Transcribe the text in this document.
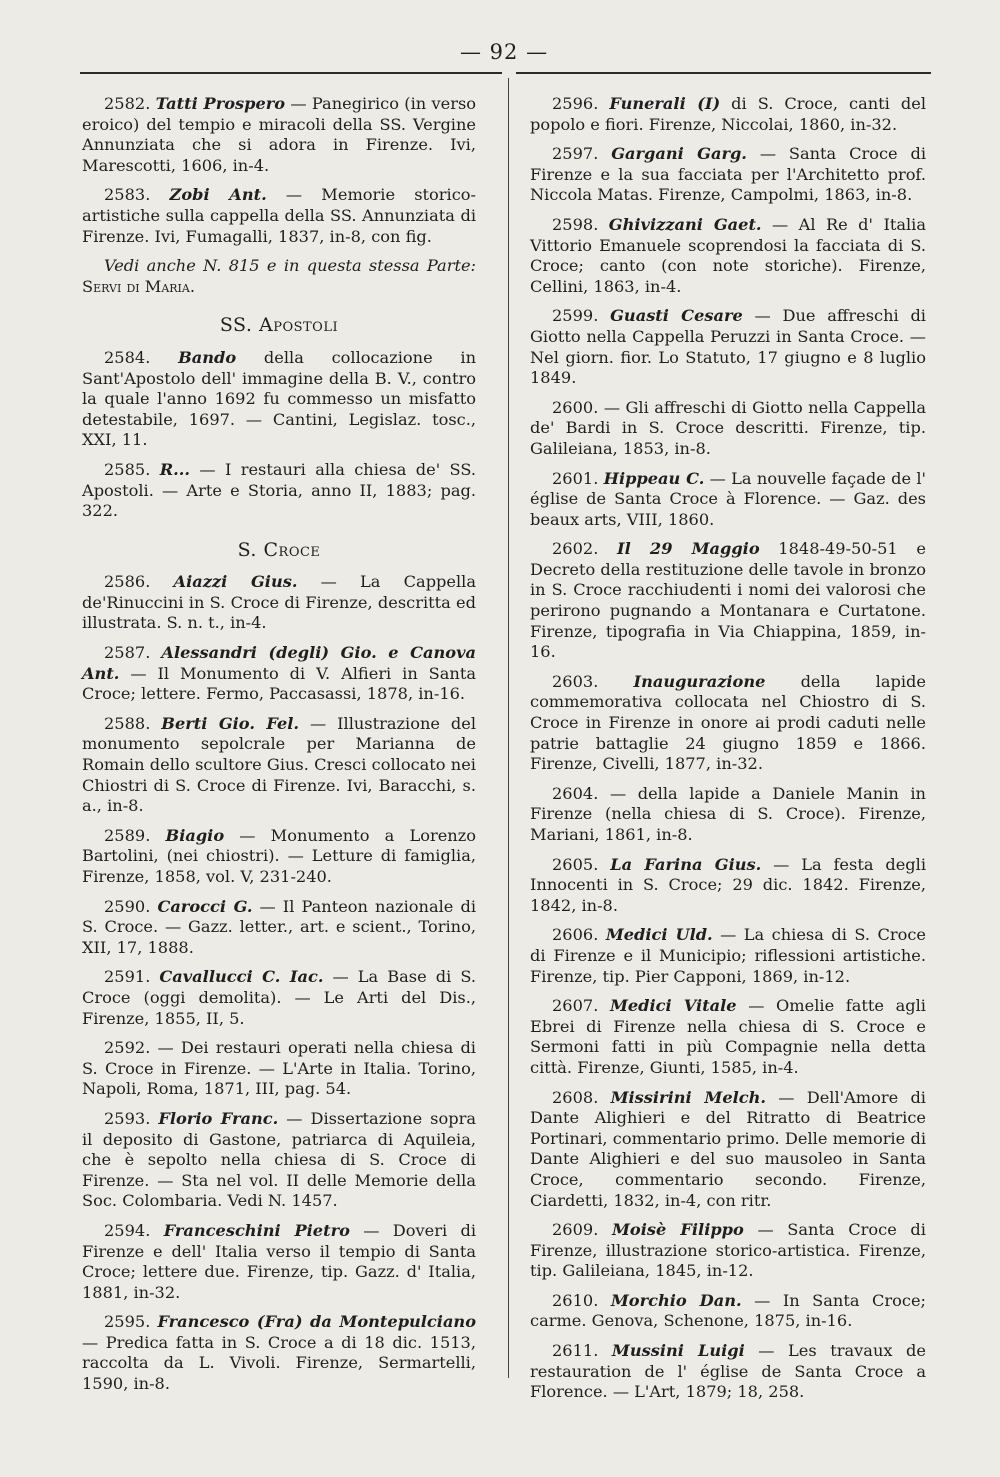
— 92 —

2582. Tatti Prospero — Panegirico (in verso eroico) del tempio e miracoli della SS. Vergine Annunziata che si adora in Firenze. Ivi, Marescotti, 1606, in-4.

2583. Zobi Ant. — Memorie storico-artistiche sulla cappella della SS. Annunziata di Firenze. Ivi, Fumagalli, 1837, in-8, con fig.

Vedi anche N. 815 e in questa stessa Parte: Servi di Maria.

SS. Apostoli

2584. Bando della collocazione in Sant'Apostolo dell' immagine della B. V., contro la quale l'anno 1692 fu commesso un misfatto detestabile, 1697. — Cantini, Legislaz. tosc., XXI, 11.

2585. R... — I restauri alla chiesa de' SS. Apostoli. — Arte e Storia, anno II, 1883; pag. 322.

S. Croce

2586. Aiazzi Gius. — La Cappella de'Rinuccini in S. Croce di Firenze, descritta ed illustrata. S. n. t., in-4.

2587. Alessandri (degli) Gio. e Canova Ant. — Il Monumento di V. Alfieri in Santa Croce; lettere. Fermo, Paccasassi, 1878, in-16.

2588. Berti Gio. Fel. — Illustrazione del monumento sepolcrale per Marianna de Romain dello scultore Gius. Cresci collocato nei Chiostri di S. Croce di Firenze. Ivi, Baracchi, s. a., in-8.

2589. Biagio — Monumento a Lorenzo Bartolini, (nei chiostri). — Letture di famiglia, Firenze, 1858, vol. V, 231-240.

2590. Carocci G. — Il Panteon nazionale di S. Croce. — Gazz. letter., art. e scient., Torino, XII, 17, 1888.

2591. Cavallucci C. Iac. — La Base di S. Croce (oggi demolita). — Le Arti del Dis., Firenze, 1855, II, 5.

2592. — Dei restauri operati nella chiesa di S. Croce in Firenze. — L'Arte in Italia. Torino, Napoli, Roma, 1871, III, pag. 54.

2593. Florio Franc. — Dissertazione sopra il deposito di Gastone, patriarca di Aquileia, che è sepolto nella chiesa di S. Croce di Firenze. — Sta nel vol. II delle Memorie della Soc. Colombaria. Vedi N. 1457.

2594. Franceschini Pietro — Doveri di Firenze e dell' Italia verso il tempio di Santa Croce; lettere due. Firenze, tip. Gazz. d' Italia, 1881, in-32.

2595. Francesco (Fra) da Montepulciano — Predica fatta in S. Croce a di 18 dic. 1513, raccolta da L. Vivoli. Firenze, Sermartelli, 1590, in-8.

2596. Funerali (I) di S. Croce, canti del popolo e fiori. Firenze, Niccolai, 1860, in-32.

2597. Gargani Garg. — Santa Croce di Firenze e la sua facciata per l'Architetto prof. Niccola Matas. Firenze, Campolmi, 1863, in-8.

2598. Ghivizzani Gaet. — Al Re d' Italia Vittorio Emanuele scoprendosi la facciata di S. Croce; canto (con note storiche). Firenze, Cellini, 1863, in-4.

2599. Guasti Cesare — Due affreschi di Giotto nella Cappella Peruzzi in Santa Croce. — Nel giorn. fior. Lo Statuto, 17 giugno e 8 luglio 1849.

2600. — Gli affreschi di Giotto nella Cappella de' Bardi in S. Croce descritti. Firenze, tip. Galileiana, 1853, in-8.

2601. Hippeau C. — La nouvelle façade de l' église de Santa Croce à Florence. — Gaz. des beaux arts, VIII, 1860.

2602. Il 29 Maggio 1848-49-50-51 e Decreto della restituzione delle tavole in bronzo in S. Croce racchiudenti i nomi dei valorosi che perirono pugnando a Montanara e Curtatone. Firenze, tipografia in Via Chiappina, 1859, in-16.

2603. Inaugurazione della lapide commemorativa collocata nel Chiostro di S. Croce in Firenze in onore ai prodi caduti nelle patrie battaglie 24 giugno 1859 e 1866. Firenze, Civelli, 1877, in-32.

2604. — della lapide a Daniele Manin in Firenze (nella chiesa di S. Croce). Firenze, Mariani, 1861, in-8.

2605. La Farina Gius. — La festa degli Innocenti in S. Croce; 29 dic. 1842. Firenze, 1842, in-8.

2606. Medici Uld. — La chiesa di S. Croce di Firenze e il Municipio; riflessioni artistiche. Firenze, tip. Pier Capponi, 1869, in-12.

2607. Medici Vitale — Omelie fatte agli Ebrei di Firenze nella chiesa di S. Croce e Sermoni fatti in più Compagnie nella detta città. Firenze, Giunti, 1585, in-4.

2608. Missirini Melch. — Dell'Amore di Dante Alighieri e del Ritratto di Beatrice Portinari, commentario primo. Delle memorie di Dante Alighieri e del suo mausoleo in Santa Croce, commentario secondo. Firenze, Ciardetti, 1832, in-4, con ritr.

2609. Moisè Filippo — Santa Croce di Firenze, illustrazione storico-artistica. Firenze, tip. Galileiana, 1845, in-12.

2610. Morchio Dan. — In Santa Croce; carme. Genova, Schenone, 1875, in-16.

2611. Mussini Luigi — Les travaux de restauration de l' église de Santa Croce a Florence. — L'Art, 1879; 18, 258.
